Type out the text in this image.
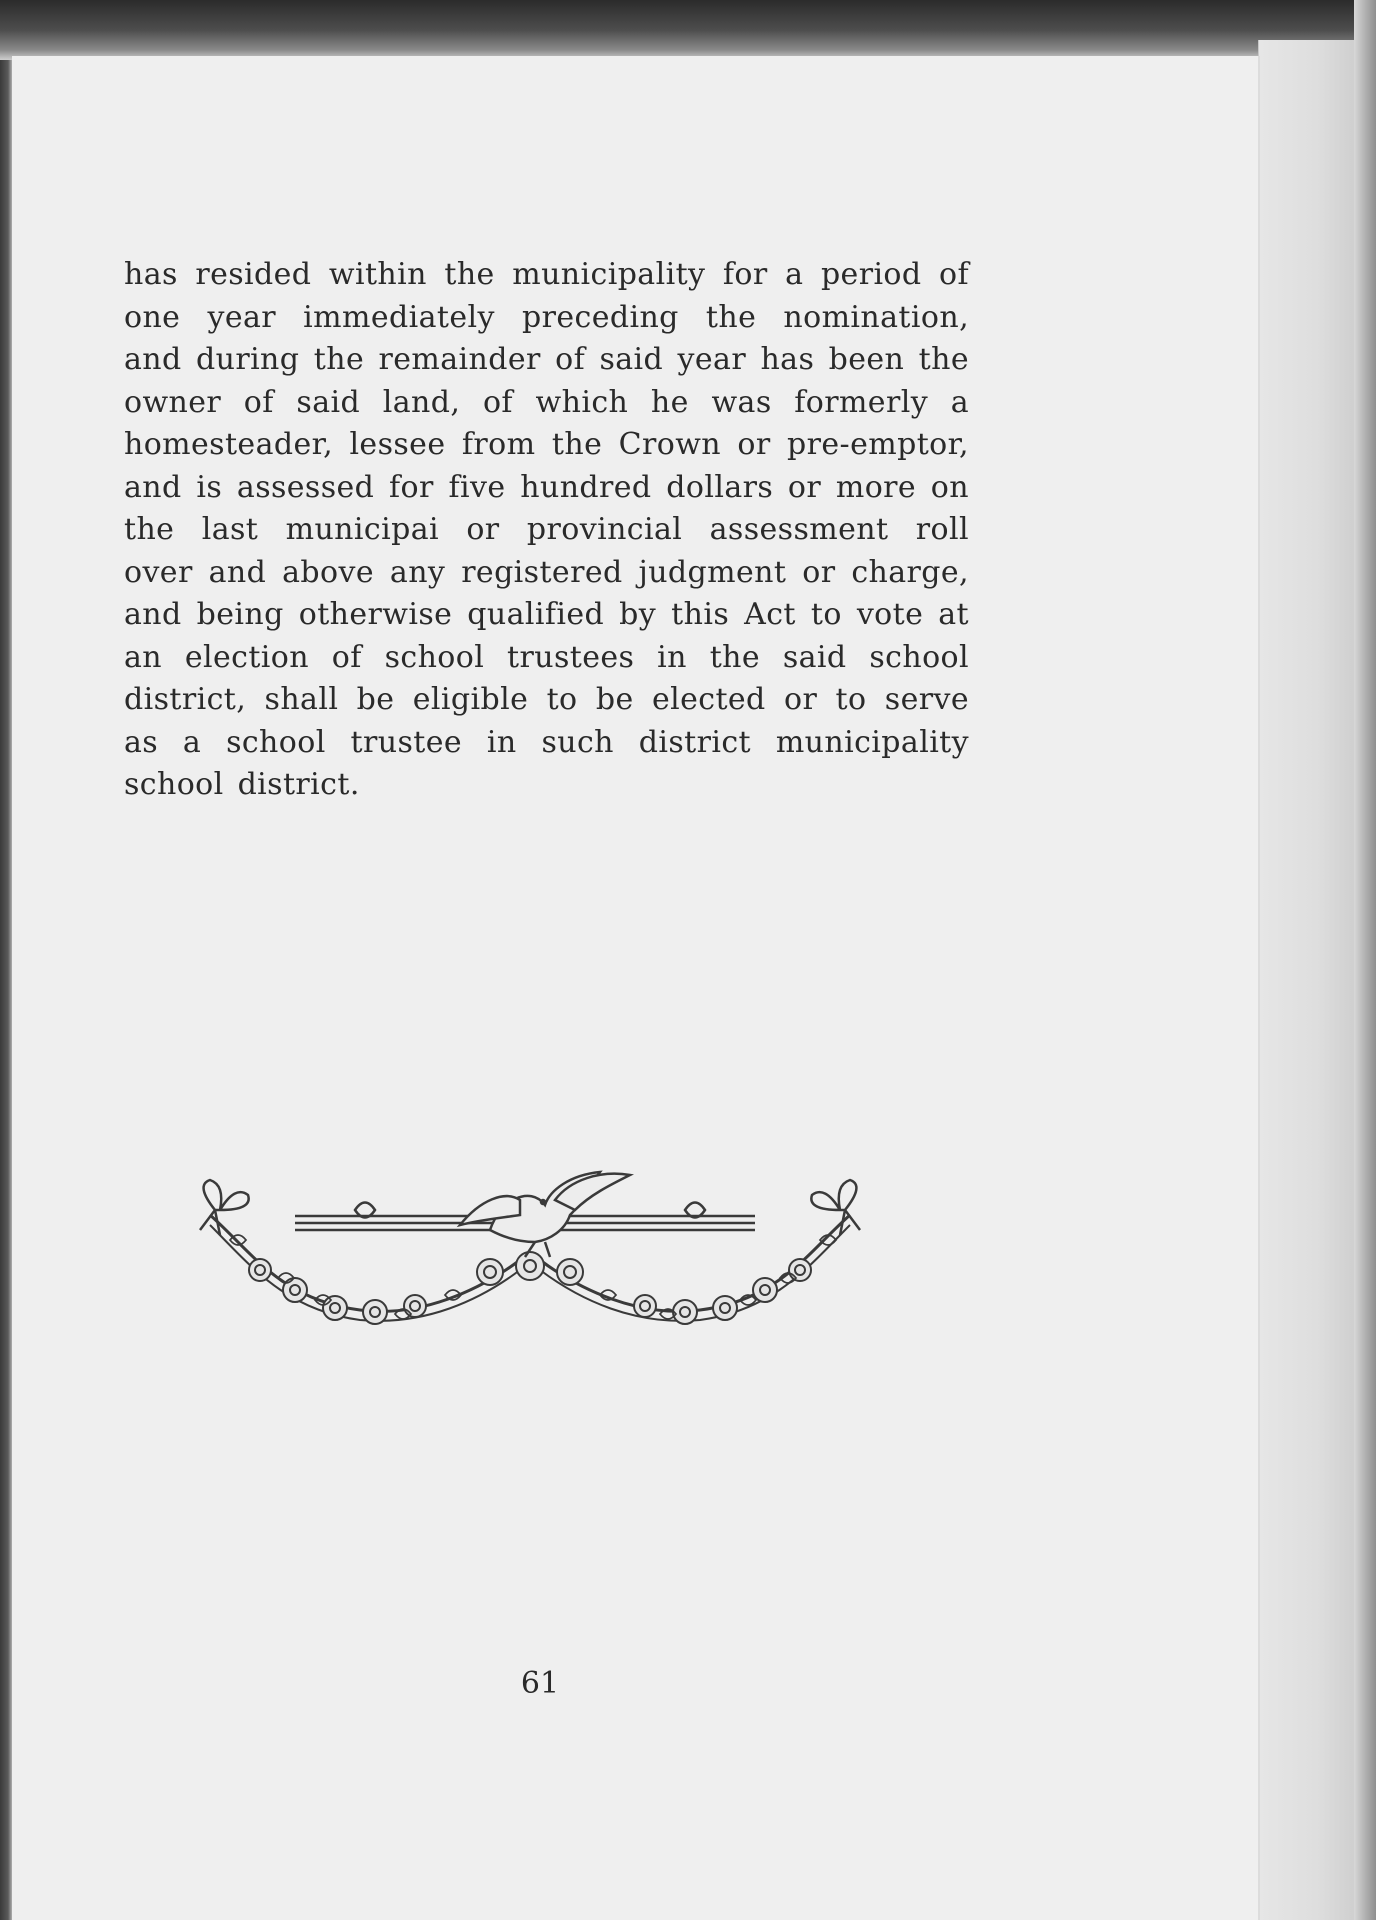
has resided within the municipality for a period of one year immediately preceding the nomination, and during the remainder of said year has been the owner of said land, of which he was formerly a homesteader, lessee from the Crown or pre-emptor, and is assessed for five hundred dollars or more on the last municipai or provincial assessment roll over and above any registered judgment or charge, and being otherwise qualified by this Act to vote at an election of school trustees in the said school district, shall be eligible to be elected or to serve as a school trustee in such district municipality school district.

61
